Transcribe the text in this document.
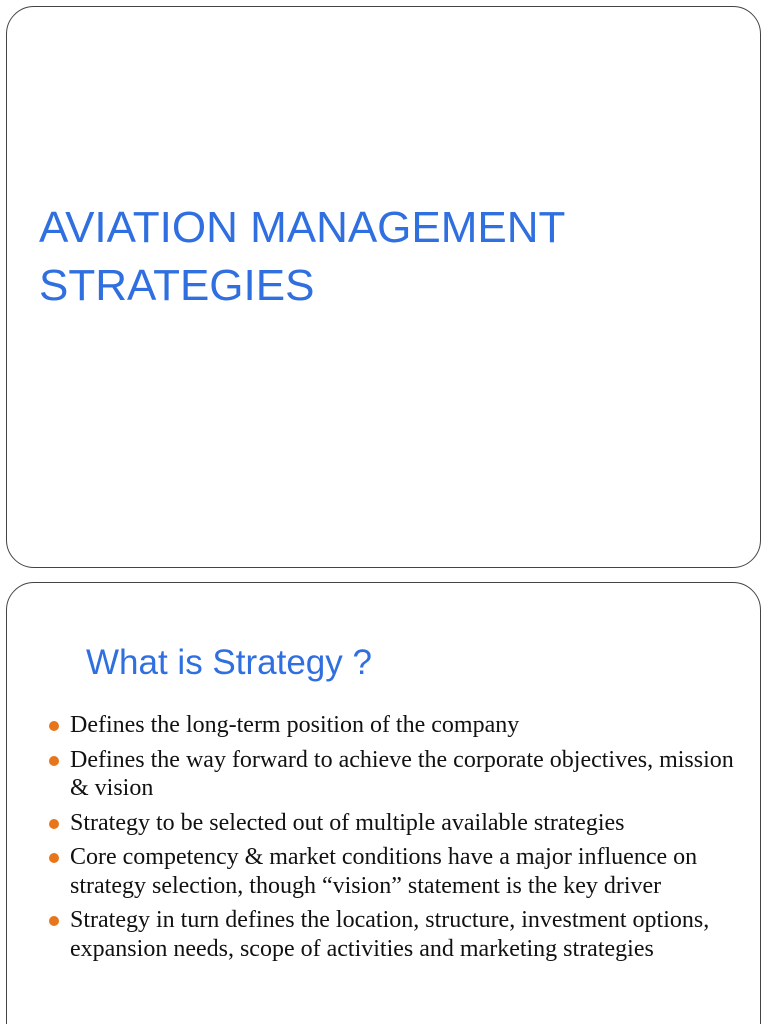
AVIATION MANAGEMENT
STRATEGIES
What is Strategy ?
Defines the long-term position of the company
Defines the way forward to achieve the corporate objectives, mission & vision
Strategy to be selected out of multiple available strategies
Core competency & market conditions have a major influence on strategy selection, though “vision” statement is the key driver
Strategy in turn defines the location, structure, investment options, expansion needs, scope of activities and marketing strategies
